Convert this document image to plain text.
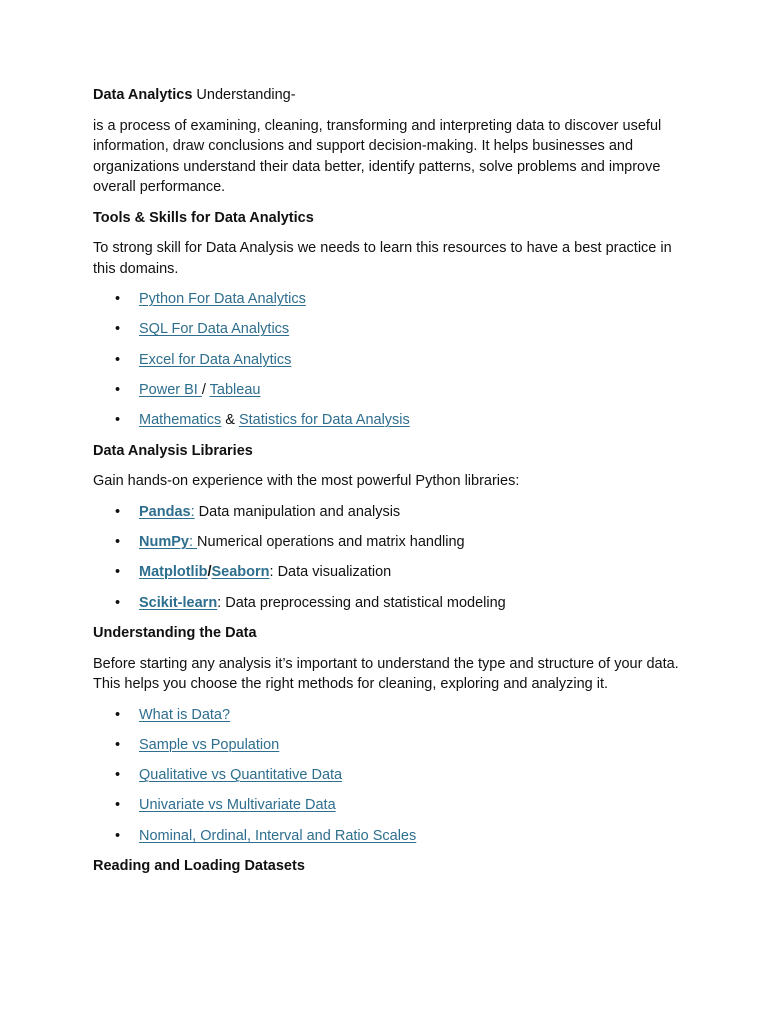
Data Analytics Understanding-

is a process of examining, cleaning, transforming and interpreting data to discover useful information, draw conclusions and support decision-making. It helps businesses and organizations understand their data better, identify patterns, solve problems and improve overall performance.

Tools & Skills for Data Analytics

To strong skill for Data Analysis we needs to learn this resources to have a best practice in this domains.

• Python For Data Analytics
• SQL For Data Analytics
• Excel for Data Analytics
• Power BI / Tableau
• Mathematics & Statistics for Data Analysis

Data Analysis Libraries

Gain hands-on experience with the most powerful Python libraries:

• Pandas: Data manipulation and analysis
• NumPy: Numerical operations and matrix handling
• Matplotlib/Seaborn: Data visualization
• Scikit-learn: Data preprocessing and statistical modeling

Understanding the Data

Before starting any analysis it’s important to understand the type and structure of your data. This helps you choose the right methods for cleaning, exploring and analyzing it.

• What is Data?
• Sample vs Population
• Qualitative vs Quantitative Data
• Univariate vs Multivariate Data
• Nominal, Ordinal, Interval and Ratio Scales

Reading and Loading Datasets
